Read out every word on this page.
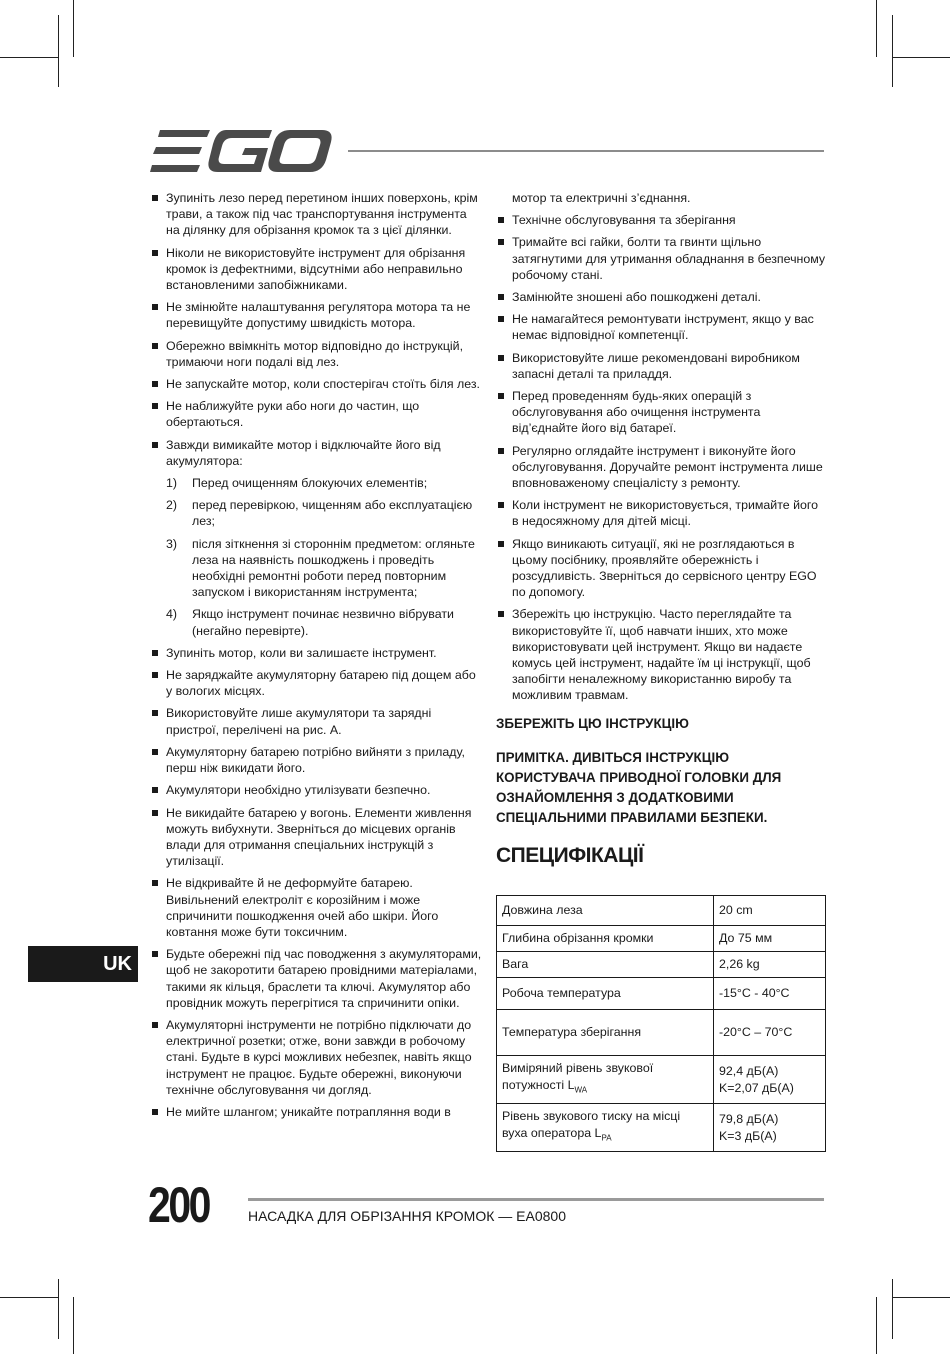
Зупиніть лезо перед перетином інших поверхонь, крім трави, а також під час транспортування інструмента на ділянку для обрізання кромок та з цієї ділянки.
Ніколи не використовуйте інструмент для обрізання кромок із дефектними, відсутніми або неправильно встановленими запобіжниками.
Не змінюйте налаштування регулятора мотора та не перевищуйте допустиму швидкість мотора.
Обережно ввімкніть мотор відповідно до інструкцій, тримаючи ноги подалі від лез.
Не запускайте мотор, коли спостерігач стоїть біля лез.
Не наближуйте руки або ноги до частин, що обертаються.
Завжди вимикайте мотор і відключайте його від акумулятора:
1) Перед очищенням блокуючих елементів;
2) перед перевіркою, чищенням або експлуатацією лез;
3) після зіткнення зі стороннім предметом: огляньте леза на наявність пошкоджень і проведіть необхідні ремонтні роботи перед повторним запуском і використанням інструмента;
4) Якщо інструмент починає незвично вібрувати (негайно перевірте).
Зупиніть мотор, коли ви залишаєте інструмент.
Не заряджайте акумуляторну батарею під дощем або у вологих місцях.
Використовуйте лише акумулятори та зарядні пристрої, перелічені на рис. А.
Акумуляторну батарею потрібно вийняти з приладу, перш ніж викидати його.
Акумулятори необхідно утилізувати безпечно.
Не викидайте батарею у вогонь. Елементи живлення можуть вибухнути. Зверніться до місцевих органів влади для отримання спеціальних інструкцій з утилізації.
Не відкривайте й не деформуйте батарею. Вивільнений електроліт є корозійним і може спричинити пошкодження очей або шкіри. Його ковтання може бути токсичним.
Будьте обережні під час поводження з акумуляторами, щоб не закоротити батарею провідними матеріалами, такими як кільця, браслети та ключі. Акумулятор або провідник можуть перегрітися та спричинити опіки.
Акумуляторні інструменти не потрібно підключати до електричної розетки; отже, вони завжди в робочому стані. Будьте в курсі можливих небезпек, навіть якщо інструмент не працює. Будьте обережні, виконуючи технічне обслуговування чи догляд.
Не мийте шлангом; уникайте потрапляння води в
мотор та електричні з’єднання.
Технічне обслуговування та зберігання
Тримайте всі гайки, болти та гвинти щільно затягнутими для утримання обладнання в безпечному робочому стані.
Замінюйте зношені або пошкоджені деталі.
Не намагайтеся ремонтувати інструмент, якщо у вас немає відповідної компетенції.
Використовуйте лише рекомендовані виробником запасні деталі та приладдя.
Перед проведенням будь-яких операцій з обслуговування або очищення інструмента від’єднайте його від батареї.
Регулярно оглядайте інструмент і виконуйте його обслуговування. Доручайте ремонт інструмента лише вповноваженому спеціалісту з ремонту.
Коли інструмент не використовується, тримайте його в недосяжному для дітей місці.
Якщо виникають ситуації, які не розглядаються в цьому посібнику, проявляйте обережність і розсудливість. Зверніться до сервісного центру EGO по допомогу.
Збережіть цю інструкцію. Часто переглядайте та використовуйте її, щоб навчати інших, хто може використовувати цей інструмент. Якщо ви надаєте комусь цей інструмент, надайте їм ці інструкції, щоб запобігти неналежному використанню виробу та можливим травмам.
ЗБЕРЕЖІТЬ ЦЮ ІНСТРУКЦІЮ
ПРИМІТКА. ДИВІТЬСЯ ІНСТРУКЦІЮ КОРИСТУВАЧА ПРИВОДНОЇ ГОЛОВКИ ДЛЯ ОЗНАЙОМЛЕННЯ З ДОДАТКОВИМИ СПЕЦІАЛЬНИМИ ПРАВИЛАМИ БЕЗПЕКИ.
СПЕЦИФІКАЦІЇ
Довжина леза	20 cm
Глибина обрізання кромки	До 75 мм
Вага	2,26 kg
Робоча температура	-15°C - 40°C
Температура зберігання	-20°C – 70°C
Виміряний рівень звукової потужності $L_{WA}$	92,4 дБ(A)
K=2,07 дБ(A)

Рівень звукового тиску на місці вуха оператора $L_{PA}$	79,8 дБ(A)
K=3 дБ(A)
UK
200	НАСАДКА ДЛЯ ОБРІЗАННЯ КРОМОК — EA0800
